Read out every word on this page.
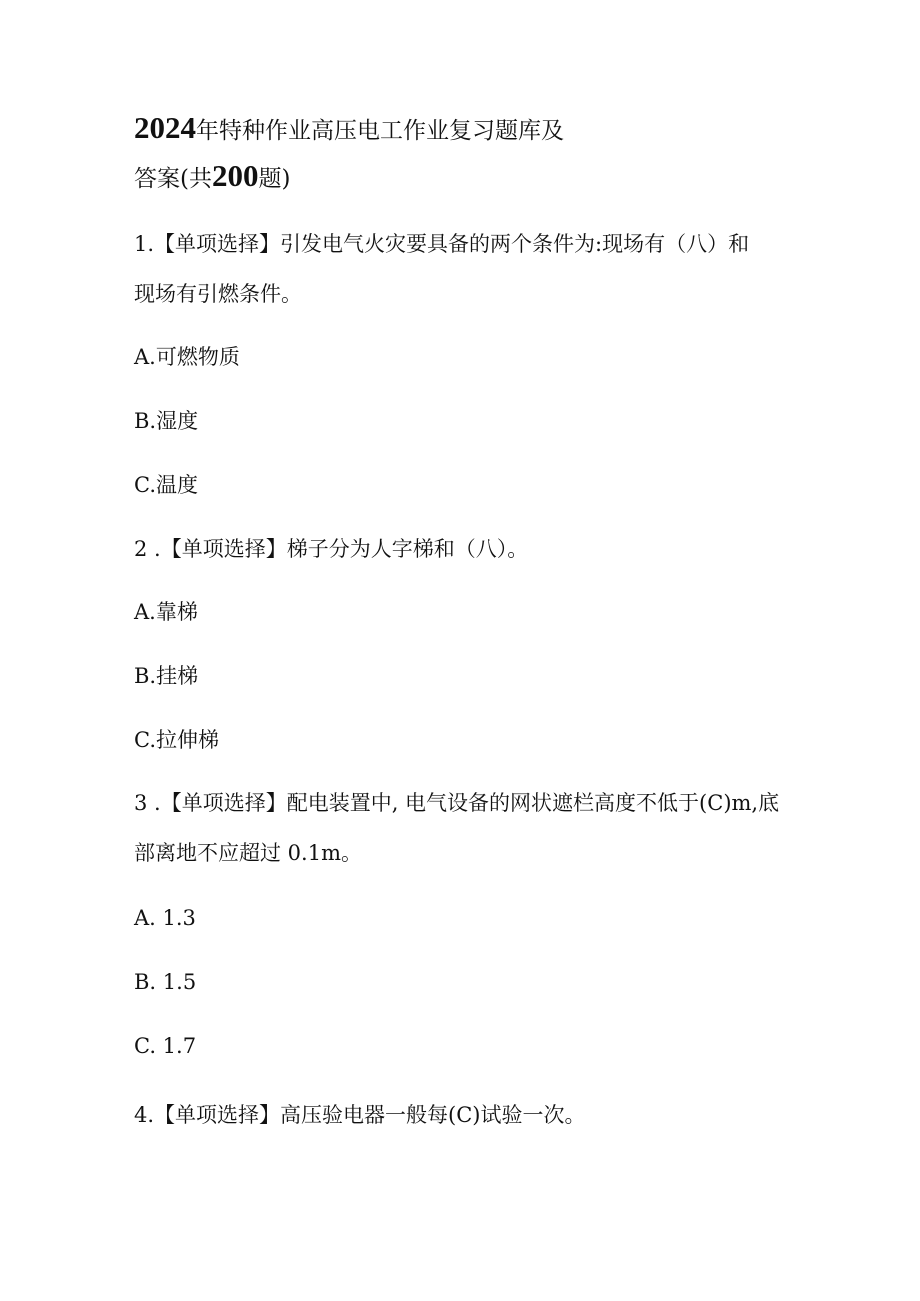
2024年特种作业高压电工作业复习题库及
答案(共200题)
1.【单项选择】引发电气火灾要具备的两个条件为:现场有（八）和
现场有引燃条件。
A.可燃物质
B.湿度
C.温度
2 .【单项选择】梯子分为人字梯和（八）。
A.靠梯
B.挂梯
C.拉伸梯
3 .【单项选择】配电装置中, 电气设备的网状遮栏高度不低于(C)m,底
部离地不应超过 0.1m。
A. 1.3
B. 1.5
C. 1.7
4.【单项选择】高压验电器一般每(C)试验一次。
